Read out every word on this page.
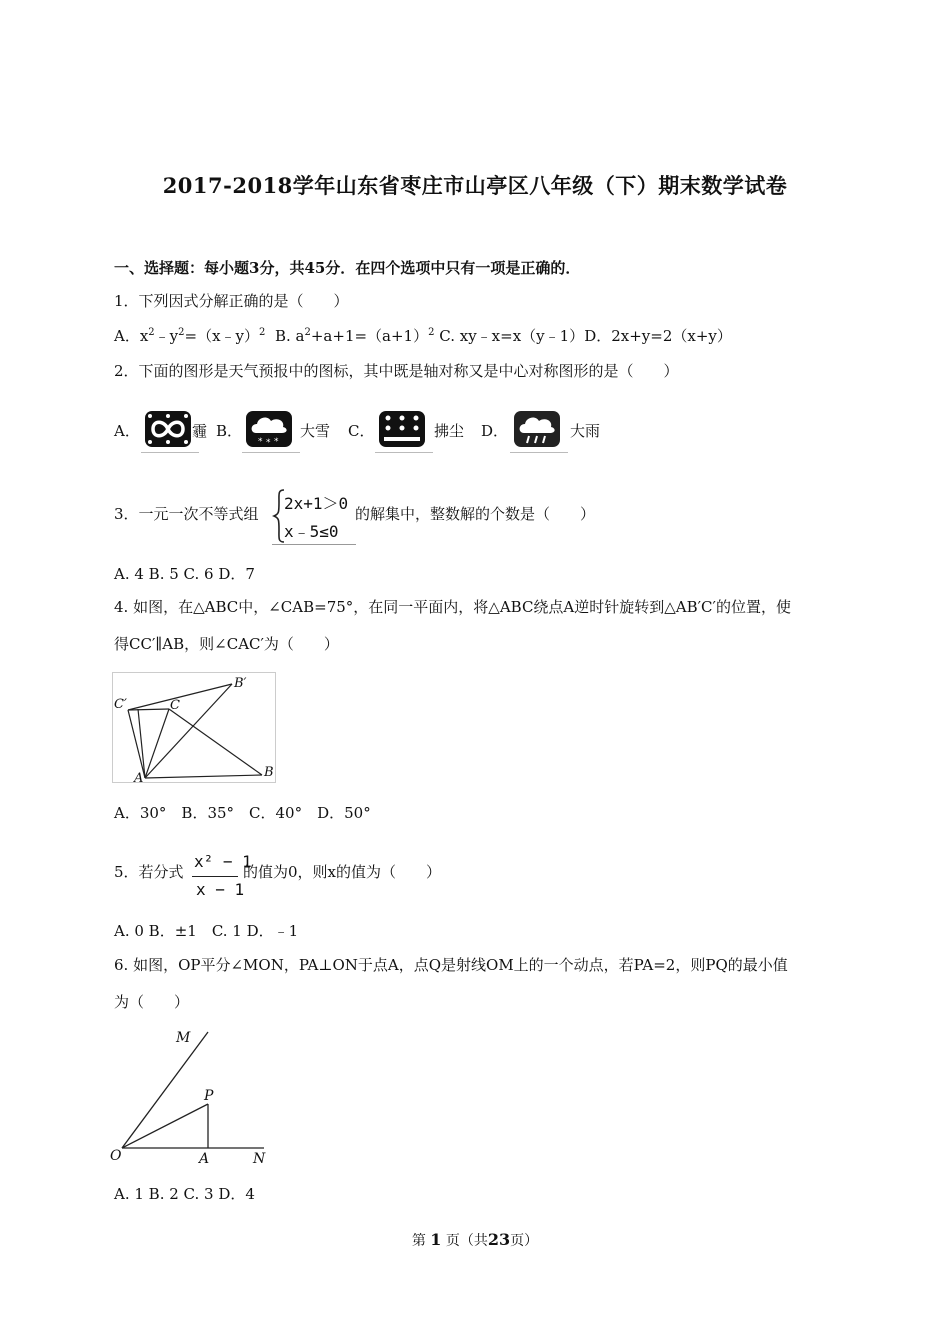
2017-2018学年山东省枣庄市山亭区八年级（下）期末数学试卷
一、选择题：每小题3分，共45分．在四个选项中只有一项是正确的．
1．下列因式分解正确的是（　　）
A．$x^2﹣y^2=(x﹣y)^2$ B. $a^2+a+1=(a+1)^2$ C. xy﹣x=x（y﹣1）D．2x+y=2（x+y）
2．下面的图形是天气预报中的图标，其中既是轴对称又是中心对称图形的是（　　）
A．	霾 B．
* * *
大雪 C．	拂尘 D．	大雨
3．一元一次不等式组
2x+1＞0
x﹣5≤0
的解集中，整数解的个数是（　　）
A. 4 B. 5 C. 6 D．7
4. 如图，在△ABC中，∠CAB=75°，在同一平面内，将△ABC绕点A逆时针旋转到△AB′C′的位置，使
得CC′∥AB，则∠CAC′为（　　）
C′	C
B′
A	B
A．30°　B．35°　C．40°　D．50°
5．若分式
x² − 1
x − 1
的值为0，则x的值为（　　）
A. 0 B．±1　C. 1 D．﹣1
6. 如图，OP平分∠MON，PA⊥ON于点A，点Q是射线OM上的一个动点，若PA=2，则PQ的最小值
为（　　）
M
P
O	A	N
A. 1 B. 2 C. 3 D．4
第 1 页（共23页）
